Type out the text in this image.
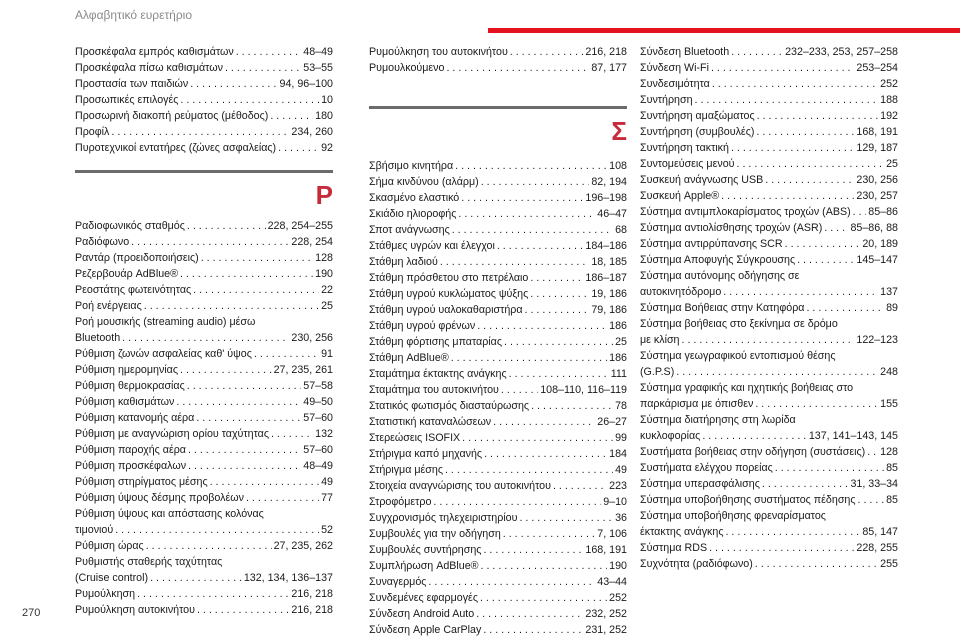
Αλφαβητικό ευρετήριο
Προσκέφαλα εμπρός καθισμάτων . . .	48–49
Προσκέφαλα πίσω καθισμάτων . . .	53–55
Προστασία των παιδιών . . .	94, 96–100
Προσωπικές επιλογές . . .	10
Προσωρινή διακοπή ρεύματος (μέθοδος) . . .	180
Προφίλ . . .	234, 260
Πυροτεχνικοί εντατήρες (ζώνες ασφαλείας) . . .	92
Ρ
Ραδιοφωνικός σταθμός . . .	228, 254–255
Ραδιόφωνο . . .	228, 254
Ραντάρ (προειδοποιήσεις) . . .	128
Ρεζερβουάρ AdBlue® . . .	190
Ρεοστάτης φωτεινότητας . . .	22
Ροή ενέργειας . . .	25
Ροή μουσικής (streaming audio) μέσω
Bluetooth . . .	230, 256
Ρύθμιση ζωνών ασφαλείας καθ' ύψος . . .	91
Ρύθμιση ημερομηνίας . . .	27, 235, 261
Ρύθμιση θερμοκρασίας . . .	57–58
Ρύθμιση καθισμάτων . . .	49–50
Ρύθμιση κατανομής αέρα . . .	57–60
Ρύθμιση με αναγνώριση ορίου ταχύτητας . . .	132
Ρύθμιση παροχής αέρα . . .	57–60
Ρύθμιση προσκέφαλων . . .	48–49
Ρύθμιση στηρίγματος μέσης . . .	49
Ρύθμιση ύψους δέσμης προβολέων . . .	77
Ρύθμιση ύψους και απόστασης κολόνας
τιμονιού . . .	52
Ρύθμιση ώρας . . .	27, 235, 262
Ρυθμιστής σταθερής ταχύτητας
(Cruise control) . . .	132, 134, 136–137
Ρυμούλκηση . . .	216, 218
Ρυμούλκηση αυτοκινήτου . . .	216, 218
Ρυμούλκηση του αυτοκινήτου . . .	216, 218
Ρυμουλκούμενο . . .	87, 177
Σ
Σβήσιμο κινητήρα . . .	108
Σήμα κινδύνου (αλάρμ) . . .	82, 194
Σκασμένο ελαστικό . . .	196–198
Σκιάδιο ηλιοροφής . . .	46–47
Σποτ ανάγνωσης . . .	68
Στάθμες υγρών και έλεγχοι . . .	184–186
Στάθμη λαδιού . . .	18, 185
Στάθμη πρόσθετου στο πετρέλαιο . . .	186–187
Στάθμη υγρού κυκλώματος ψύξης . . .	19, 186
Στάθμη υγρού υαλοκαθαριστήρα . . .	79, 186
Στάθμη υγρού φρένων . . .	186
Στάθμη φόρτισης μπαταρίας . . .	25
Στάθμη AdBlue® . . .	186
Σταμάτημα έκτακτης ανάγκης . . .	111
Σταμάτημα του αυτοκινήτου . . .	108–110, 116–119
Στατικός φωτισμός διασταύρωσης . . .	78
Στατιστική καταναλώσεων . . .	26–27
Στερεώσεις ISOFIX . . .	99
Στήριγμα καπό μηχανής . . .	184
Στήριγμα μέσης . . .	49
Στοιχεία αναγνώρισης του αυτοκινήτου . . .	223
Στροφόμετρο . . .	9–10
Συγχρονισμός τηλεχειριστηρίου . . .	36
Συμβουλές για την οδήγηση . . .	7, 106
Συμβουλές συντήρησης . . .	168, 191
Συμπλήρωση AdBlue® . . .	190
Συναγερμός . . .	43–44
Συνδεμένες εφαρμογές . . .	252
Σύνδεση Android Auto . . .	232, 252
Σύνδεση Apple CarPlay . . .	231, 252
Σύνδεση Bluetooth . . .	232–233, 253, 257–258
Σύνδεση Wi-Fi . . .	253–254
Συνδεσιμότητα . . .	252
Συντήρηση . . .	188
Συντήρηση αμαξώματος . . .	192
Συντήρηση (συμβουλές) . . .	168, 191
Συντήρηση τακτική . . .	129, 187
Συντομεύσεις μενού . . .	25
Συσκευή ανάγνωσης USB . . .	230, 256
Συσκευή Apple® . . .	230, 257
Σύστημα αντιμπλοκαρίσματος τροχών (ABS) . . . 85–86
Σύστημα αντιολίσθησης τροχών (ASR) . . .	85–86, 88
Σύστημα αντιρρύπανσης SCR . . .	20, 189
Σύστημα Αποφυγής Σύγκρουσης . . .	145–147
Σύστημα αυτόνομης οδήγησης σε
αυτοκινητόδρομο . . .	137
Σύστημα Βοήθειας στην Κατηφόρα . . .	89
Σύστημα βοήθειας στο ξεκίνημα σε δρόμο
με κλίση . . .	122–123
Σύστημα γεωγραφικού εντοπισμού θέσης
(G.P.S) . . .	248
Σύστημα γραφικής και ηχητικής βοήθειας στο
παρκάρισμα με όπισθεν . . .	155
Σύστημα διατήρησης στη λωρίδα
κυκλοφορίας . . .	137, 141–143, 145
Συστήματα βοήθειας στην οδήγηση (συστάσεις) . . . 128
Συστήματα ελέγχου πορείας . . .	85
Σύστημα υπερασφάλισης . . .	31, 33–34
Σύστημα υποβοήθησης συστήματος πέδησης . . .	85
Σύστημα υποβοήθησης φρεναρίσματος
έκτακτης ανάγκης . . .	85, 147
Σύστημα RDS . . .	228, 255
Συχνότητα (ραδιόφωνο) . . .	255
270
